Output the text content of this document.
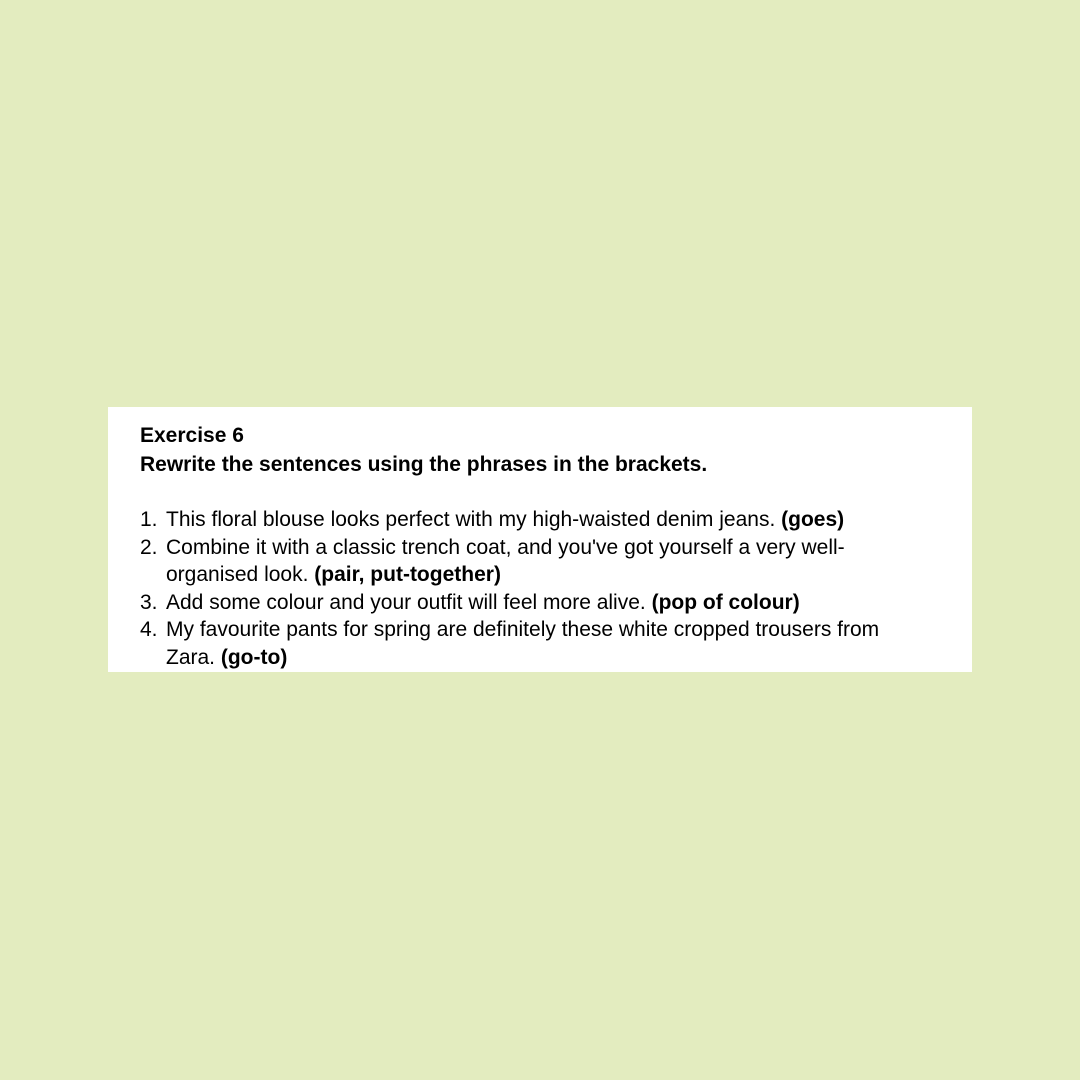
Exercise 6

Rewrite the sentences using the phrases in the brackets.

1. This floral blouse looks perfect with my high-waisted denim jeans. (goes)
2. Combine it with a classic trench coat, and you've got yourself a very well-organised look. (pair, put-together)
3. Add some colour and your outfit will feel more alive. (pop of colour)
4. My favourite pants for spring are definitely these white cropped trousers from Zara. (go-to)
